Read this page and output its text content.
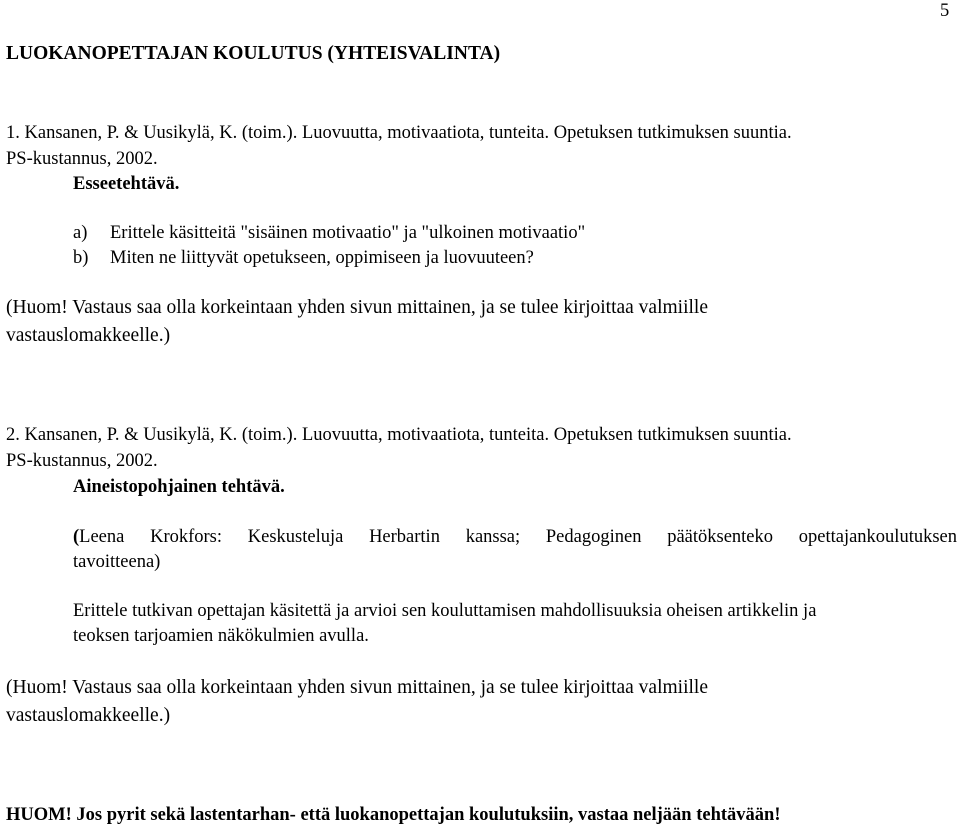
5
LUOKANOPETTAJAN KOULUTUS (YHTEISVALINTA)
1. Kansanen, P. & Uusikylä, K. (toim.). Luovuutta, motivaatiota, tunteita. Opetuksen tutkimuksen suuntia.
PS-kustannus, 2002.
Esseetehtävä.
a) Erittele käsitteitä "sisäinen motivaatio" ja "ulkoinen motivaatio"
b) Miten ne liittyvät opetukseen, oppimiseen ja luovuuteen?
(Huom! Vastaus saa olla korkeintaan yhden sivun mittainen, ja se tulee kirjoittaa valmiille
vastauslomakkeelle.)
2. Kansanen, P. & Uusikylä, K. (toim.). Luovuutta, motivaatiota, tunteita. Opetuksen tutkimuksen suuntia.
PS-kustannus, 2002.
Aineistopohjainen tehtävä.
(Leena Krokfors: Keskusteluja Herbartin kanssa; Pedagoginen päätöksenteko opettajankoulutuksen
tavoitteena)
Erittele tutkivan opettajan käsitettä ja arvioi sen kouluttamisen mahdollisuuksia oheisen artikkelin ja
teoksen tarjoamien näkökulmien avulla.
(Huom! Vastaus saa olla korkeintaan yhden sivun mittainen, ja se tulee kirjoittaa valmiille
vastauslomakkeelle.)
HUOM! Jos pyrit sekä lastentarhan- että luokanopettajan koulutuksiin, vastaa neljään tehtävään!
